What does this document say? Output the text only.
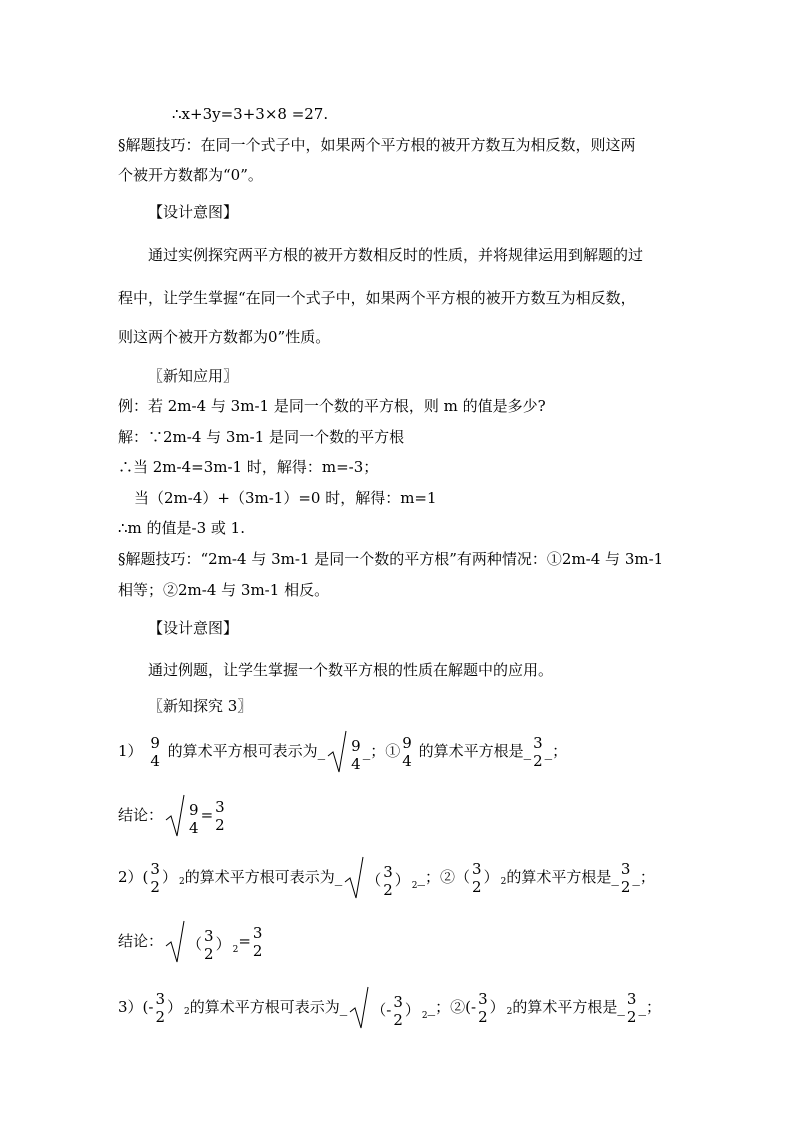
∴x+3y=3+3×8 =27.
§解题技巧：在同一个式子中，如果两个平方根的被开方数互为相反数，则这两
个被开方数都为“0”。
【设计意图】
通过实例探究两平方根的被开方数相反时的性质，并将规律运用到解题的过
程中，让学生掌握“在同一个式子中，如果两个平方根的被开方数互为相反数，
则这两个被开方数都为0”性质。
〖新知应用〗
例：若 2m-4 与 3m-1 是同一个数的平方根，则 m 的值是多少?
解：∵2m-4 与 3m-1 是同一个数的平方根
∴当 2m-4=3m-1 时，解得：m=-3；
当（2m-4）+（3m-1）=0 时，解得：m=1
∴m 的值是-3 或 1.
§解题技巧：“2m-4 与 3m-1 是同一个数的平方根”有两种情况：①2m-4 与 3m-1
相等；②2m-4 与 3m-1 相反。
【设计意图】
通过例题，让学生掌握一个数平方根的性质在解题中的应用。
〖新知探究 3〗
1） 9
4
的算术平方根可表示为_ 9
4
_；① 9
4
的算术平方根是_ 3
2
_；
结论： 9
4
= 3
2
2）( 3
2
） $^2$的算术平方根可表示为_ （ 3
2
） $^2$_；②（ 3
2
） $^2$的算术平方根是_ 3
2
_；
结论： （ 3
2
） $^2$= 3
2
3）(- 3
2
） $^2$的算术平方根可表示为_ （- 3
2
） $^2$_；②(- 3
2
） $^2$的算术平方根是_ 3
2
_；
